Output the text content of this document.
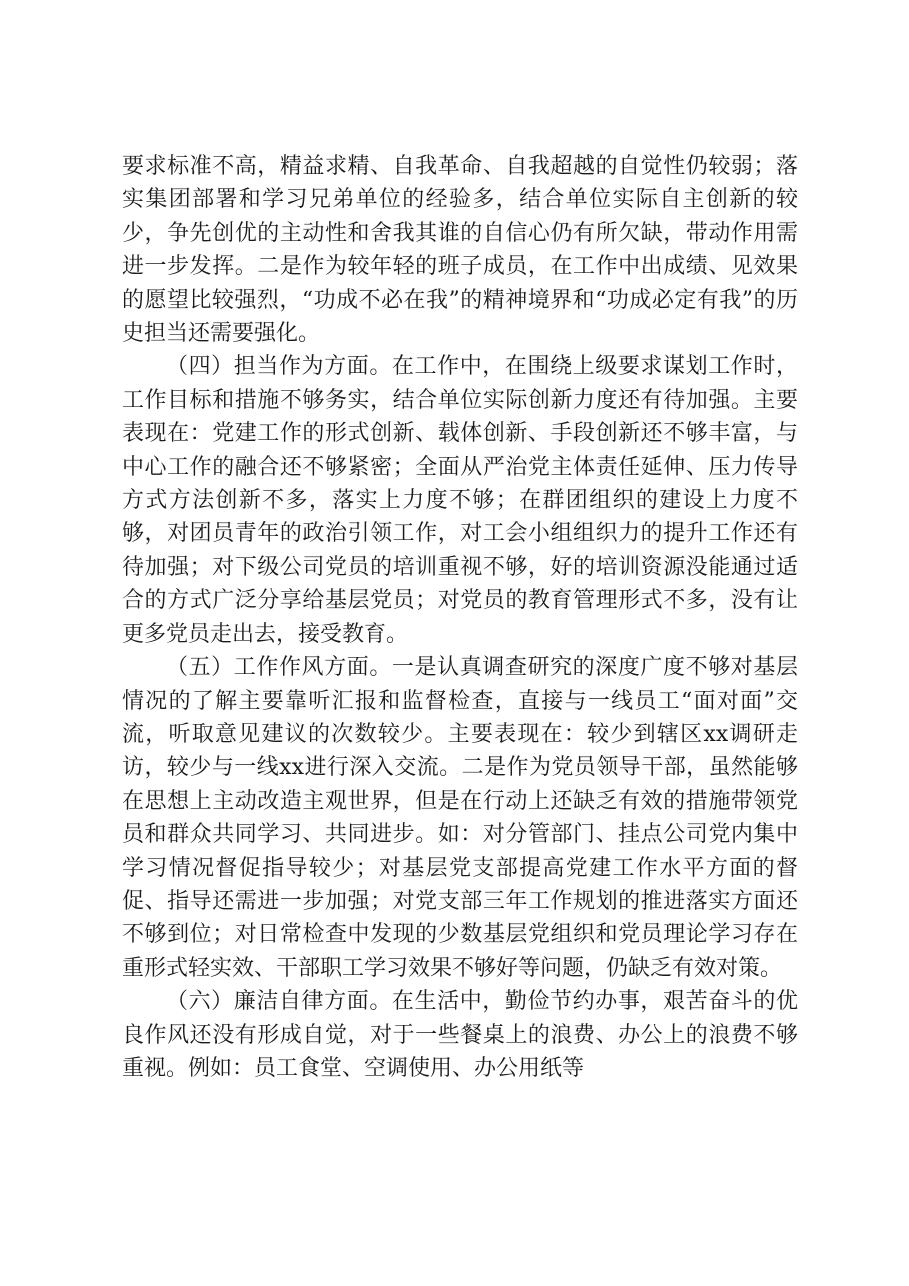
要求标准不高，精益求精、自我革命、自我超越的自觉性仍较弱；落实集团部署和学习兄弟单位的经验多，结合单位实际自主创新的较少，争先创优的主动性和舍我其谁的自信心仍有所欠缺，带动作用需进一步发挥。二是作为较年轻的班子成员，在工作中出成绩、见效果的愿望比较强烈，“功成不必在我”的精神境界和“功成必定有我”的历史担当还需要强化。

（四）担当作为方面。在工作中，在围绕上级要求谋划工作时，工作目标和措施不够务实，结合单位实际创新力度还有待加强。主要表现在：党建工作的形式创新、载体创新、手段创新还不够丰富，与中心工作的融合还不够紧密；全面从严治党主体责任延伸、压力传导方式方法创新不多，落实上力度不够；在群团组织的建设上力度不够，对团员青年的政治引领工作，对工会小组组织力的提升工作还有待加强；对下级公司党员的培训重视不够，好的培训资源没能通过适合的方式广泛分享给基层党员；对党员的教育管理形式不多，没有让更多党员走出去，接受教育。

（五）工作作风方面。一是认真调查研究的深度广度不够对基层情况的了解主要靠听汇报和监督检查，直接与一线员工“面对面”交流，听取意见建议的次数较少。主要表现在：较少到辖区xx调研走访，较少与一线xx进行深入交流。二是作为党员领导干部，虽然能够在思想上主动改造主观世界，但是在行动上还缺乏有效的措施带领党员和群众共同学习、共同进步。如：对分管部门、挂点公司党内集中学习情况督促指导较少；对基层党支部提高党建工作水平方面的督促、指导还需进一步加强；对党支部三年工作规划的推进落实方面还不够到位；对日常检查中发现的少数基层党组织和党员理论学习存在重形式轻实效、干部职工学习效果不够好等问题，仍缺乏有效对策。

（六）廉洁自律方面。在生活中，勤俭节约办事，艰苦奋斗的优良作风还没有形成自觉，对于一些餐桌上的浪费、办公上的浪费不够重视。例如：员工食堂、空调使用、办公用纸等
